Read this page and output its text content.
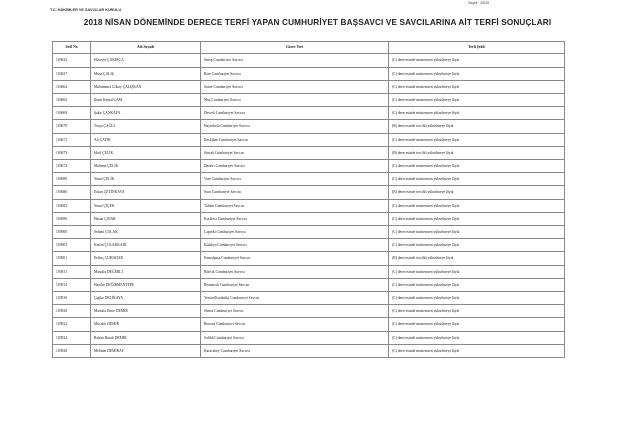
Sayfa : 25/39
T.C. HÂKİMLER VE SAVCILAR KURULU
2018 NİSAN DÖNEMİNDE DERECE TERFİ YAPAN CUMHURİYET BAŞSAVCI VE SAVCILARINA AİT TERFİ SONUÇLARI
Sicil No	Adı Soyadı	Görev Yeri	Terfi Şekli
103632	Hüseyin ÇAKIRCA	Sinop Cumhuriyet Savcısı	(C) derecesinde müstemren yükselmeye lâyık
103637	Musa ÇALIŞ	Rize Cumhuriyet Savcısı	(C) derecesinde müstemren yükselmeye lâyık
103664	Muhammet Gökay ÇALIŞKAN	Surne Cumhuriyet Savcısı	(C) derecesinde müstemren yükselmeye lâyık
103665	İhsan Kemal ÇAM	Muş Cumhuriyet Savcısı	(C) derecesinde müstemren yükselmeye lâyık
103669	Şakir ÇANKAYA	Devrek Cumhuriyet Savcısı	(C) derecesinde müstemren yükselmeye lâyık
103670	Tonju ÇAĞLI	Hayrabolu Cumhuriyet Savcısı	(B) derecesinde tercihli yükselmeye lâyık
103671	Ali ÇAYIR	Keskihan Cumhuriyet Savcısı	(C) derecesinde müstemren yükselmeye lâyık
103675	İdiril ÇELİK	Sincak Cumhuriyet Savcısı	(B) derecesinde tercihli yükselmeye lâyık
103674	Mahmut ÇELİK	Darkirt Cumhuriyet Savcısı	(C) derecesinde müstemren yükselmeye lâyık
103680	Yusuf ÇELİK	Vize Cumhuriyet Savcısı	(C) derecesinde müstemren yükselmeye lâyık
103686	Erkan ÇETİNKAYA	Suru Cumhuriyet Savcısı	(B) derecesinde tercihli yükselmeye lâyık
103692	Yusuf ÇİÇEK	Talime Cumhuriyet Savcısı	(C) derecesinde müstemren yükselmeye lâyık
103696	Hasan ÇINAR	Kurhova Cumhuriyet Savcısı	(C) derecesinde müstemren yükselmeye lâyık
103900	Selami ÇOLAK	Lapseki Cumhuriyet Savcısı	(C) derecesinde müstemren yükselmeye lâyık
103903	Kenan ÇOLAKKADI	Kütahya Cumhuriyet Savcısı	(C) derecesinde müstemren yükselmeye lâyık
103901	Erdinç ÇUHADAR	Kemalpaşa Cumhuriyet Savcısı	(B) derecesinde tercihli yükselmeye lâyık
103911	Mustafa DEĞERLİ	Bilecik Cumhuriyet Savcısı	(C) derecesinde müstemren yükselmeye lâyık
103914	Haydar DEĞİRMENTEPE	Bismarcık Cumhuriyet Savcısı	(C) derecesinde müstemren yükselmeye lâyık
103916	Çağlar DELİKAYA	Yenice(Karabük) Cumhuriyet Savcısı	(C) derecesinde müstemren yükselmeye lâyık
103920	Mustafa Emre DEMİR	Simav Cumhuriyet Savcısı	(C) derecesinde müstemren yükselmeye lâyık
103922	Mücahit DEMİR	Bozova Cumhuriyet Savcısı	(C) derecesinde müstemren yükselmeye lâyık
103924	Rahim Burak DEMİR	Salihli Cumhuriyet Savcısı	(C) derecesinde müstemren yükselmeye lâyık
103928	Mehmet DEMİRAY	Karacabey Cumhuriyet Savcısı	(C) derecesinde müstemren yükselmeye lâyık
